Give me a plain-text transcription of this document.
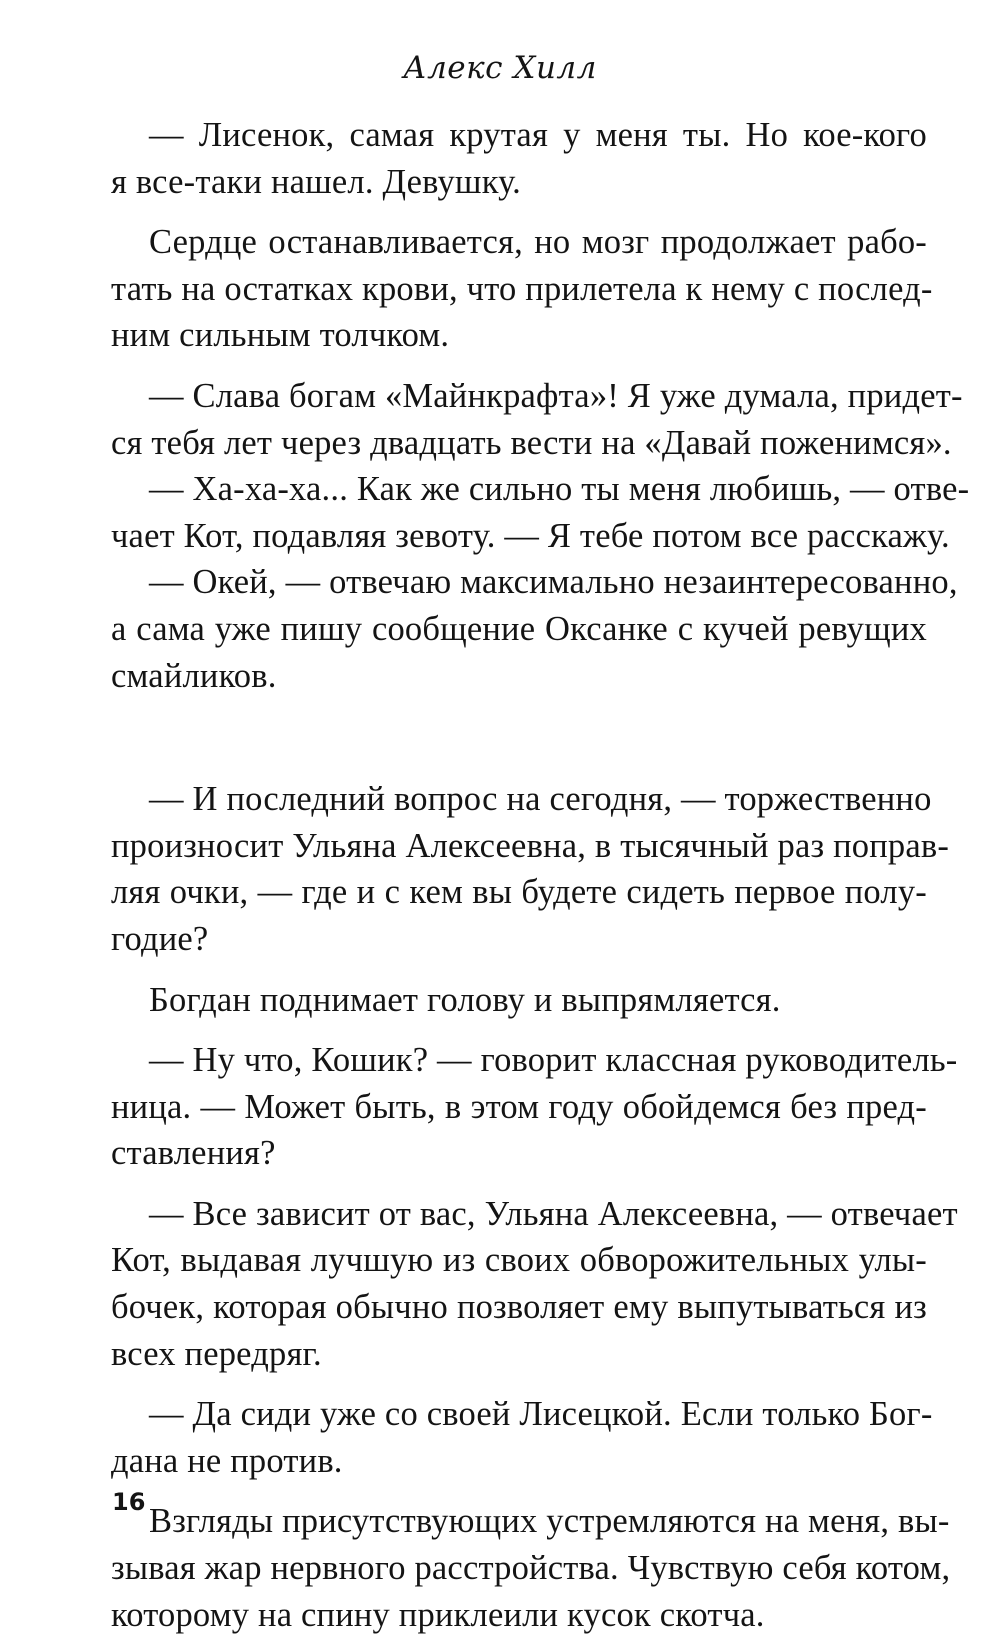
Алекс Хилл
— Лисенок, самая крутая у меня ты. Но кое-кого
я все-таки нашел. Девушку.
Сердце останавливается, но мозг продолжает рабо-
тать на остатках крови, что прилетела к нему с послед-
ним сильным толчком.
— Слава богам «Майнкрафта»! Я уже думала, придет-
ся тебя лет через двадцать вести на «Давай поженимся».
— Ха-ха-ха... Как же сильно ты меня любишь, — отве-
чает Кот, подавляя зевоту. — Я тебе потом все расскажу.
— Окей, — отвечаю максимально незаинтересованно,
а сама уже пишу сообщение Оксанке с кучей ревущих
смайликов.
— И последний вопрос на сегодня, — торжественно
произносит Ульяна Алексеевна, в тысячный раз поправ-
ляя очки, — где и с кем вы будете сидеть первое полу-
годие?
Богдан поднимает голову и выпрямляется.
— Ну что, Кошик? — говорит классная руководитель-
ница. — Может быть, в этом году обойдемся без пред-
ставления?
— Все зависит от вас, Ульяна Алексеевна, — отвечает
Кот, выдавая лучшую из своих обворожительных улы-
бочек, которая обычно позволяет ему выпутываться из
всех передряг.
— Да сиди уже со своей Лисецкой. Если только Бог-
дана не против.
Взгляды присутствующих устремляются на меня, вы-
зывая жар нервного расстройства. Чувствую себя котом,
которому на спину приклеили кусок скотча.
16
